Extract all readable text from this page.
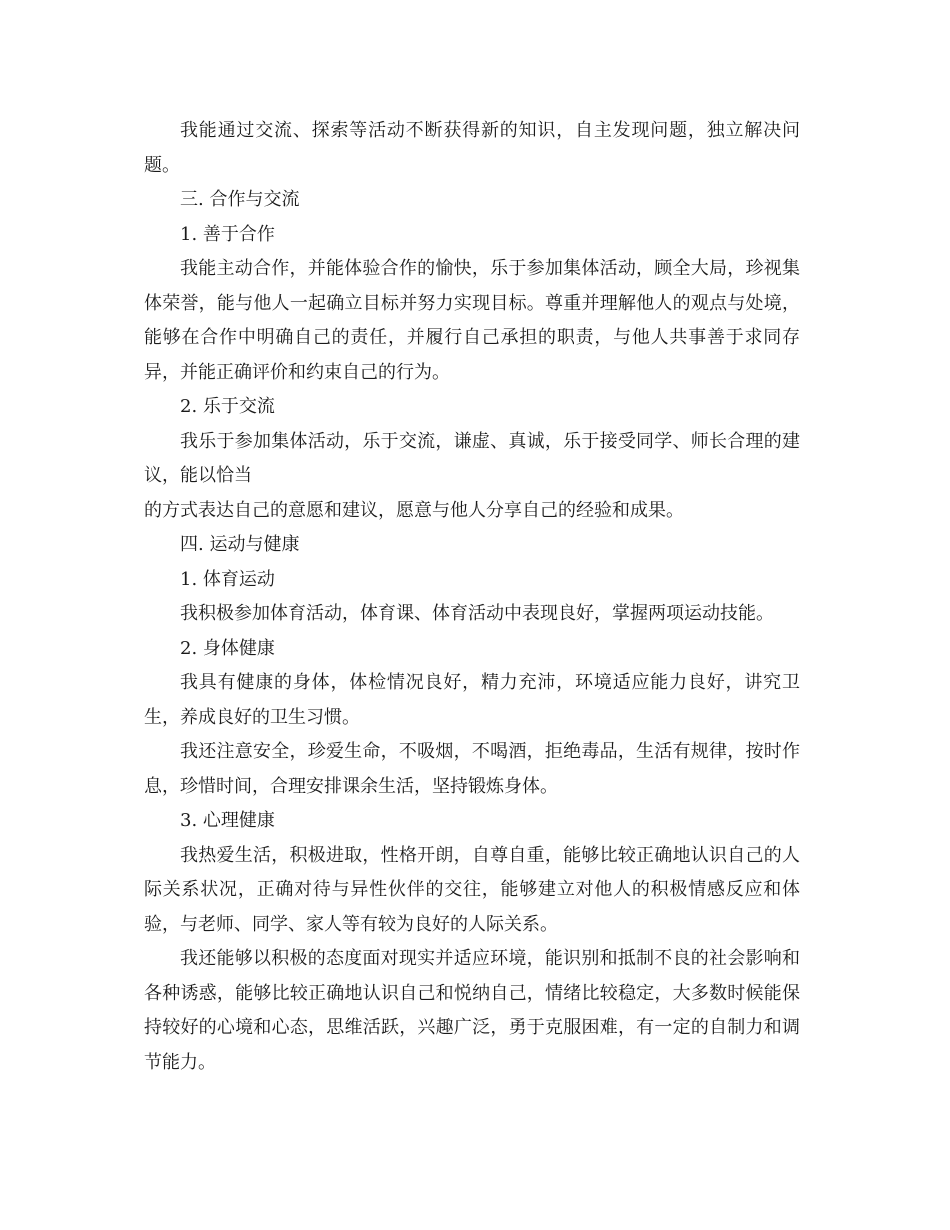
我能通过交流、探索等活动不断获得新的知识，自主发现问题，独立解决问题。

三. 合作与交流

1. 善于合作

我能主动合作，并能体验合作的愉快，乐于参加集体活动，顾全大局，珍视集体荣誉，能与他人一起确立目标并努力实现目标。尊重并理解他人的观点与处境，能够在合作中明确自己的责任，并履行自己承担的职责，与他人共事善于求同存异，并能正确评价和约束自己的行为。

2. 乐于交流

我乐于参加集体活动，乐于交流，谦虚、真诚，乐于接受同学、师长合理的建议，能以恰当

的方式表达自己的意愿和建议，愿意与他人分享自己的经验和成果。

四. 运动与健康

1. 体育运动

我积极参加体育活动，体育课、体育活动中表现良好，掌握两项运动技能。

2. 身体健康

我具有健康的身体，体检情况良好，精力充沛，环境适应能力良好，讲究卫生，养成良好的卫生习惯。

我还注意安全，珍爱生命，不吸烟，不喝酒，拒绝毒品，生活有规律，按时作息，珍惜时间，合理安排课余生活，坚持锻炼身体。

3. 心理健康

我热爱生活，积极进取，性格开朗，自尊自重，能够比较正确地认识自己的人际关系状况，正确对待与异性伙伴的交往，能够建立对他人的积极情感反应和体验，与老师、同学、家人等有较为良好的人际关系。

我还能够以积极的态度面对现实并适应环境，能识别和抵制不良的社会影响和各种诱惑，能够比较正确地认识自己和悦纳自己，情绪比较稳定，大多数时候能保持较好的心境和心态，思维活跃，兴趣广泛，勇于克服困难，有一定的自制力和调节能力。
